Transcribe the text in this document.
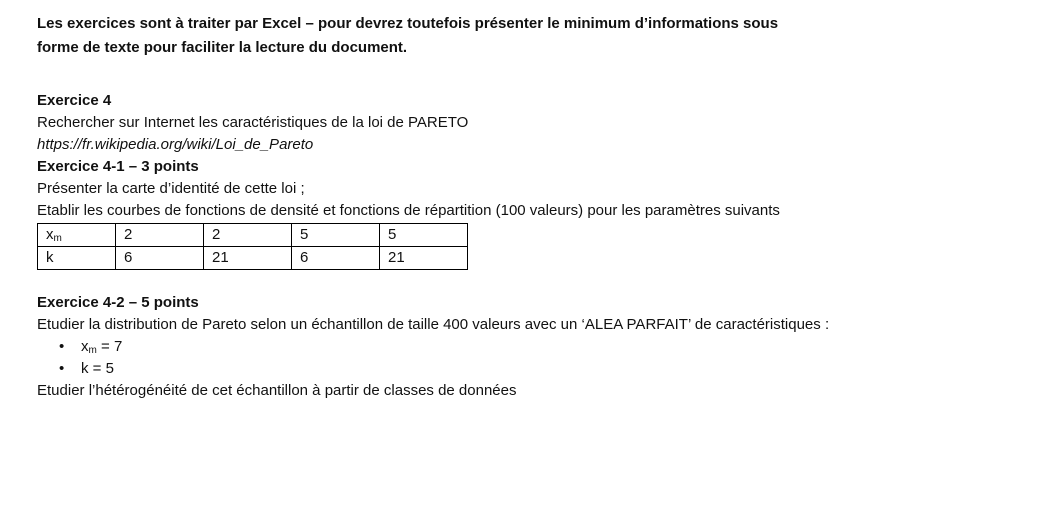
Les exercices sont à traiter par Excel – pour devrez toutefois présenter le minimum d’informations sous

forme de texte pour faciliter la lecture du document.

Exercice 4

Rechercher sur Internet les caractéristiques de la loi de PARETO

https://fr.wikipedia.org/wiki/Loi_de_Pareto

Exercice 4-1 – 3 points

Présenter la carte d’identité de cette loi ;

Etablir les courbes de fonctions de densité et fonctions de répartition (100 valeurs) pour les paramètres suivants

$x_m$	2	2	5	5
k	6	21	6	21

Exercice 4-2 – 5 points

Etudier la distribution de Pareto selon un échantillon de taille 400 valeurs avec un ‘ALEA PARFAIT’ de caractéristiques :

• $x_m = 7$
• k = 5

Etudier l’hétérogénéité de cet échantillon à partir de classes de données
